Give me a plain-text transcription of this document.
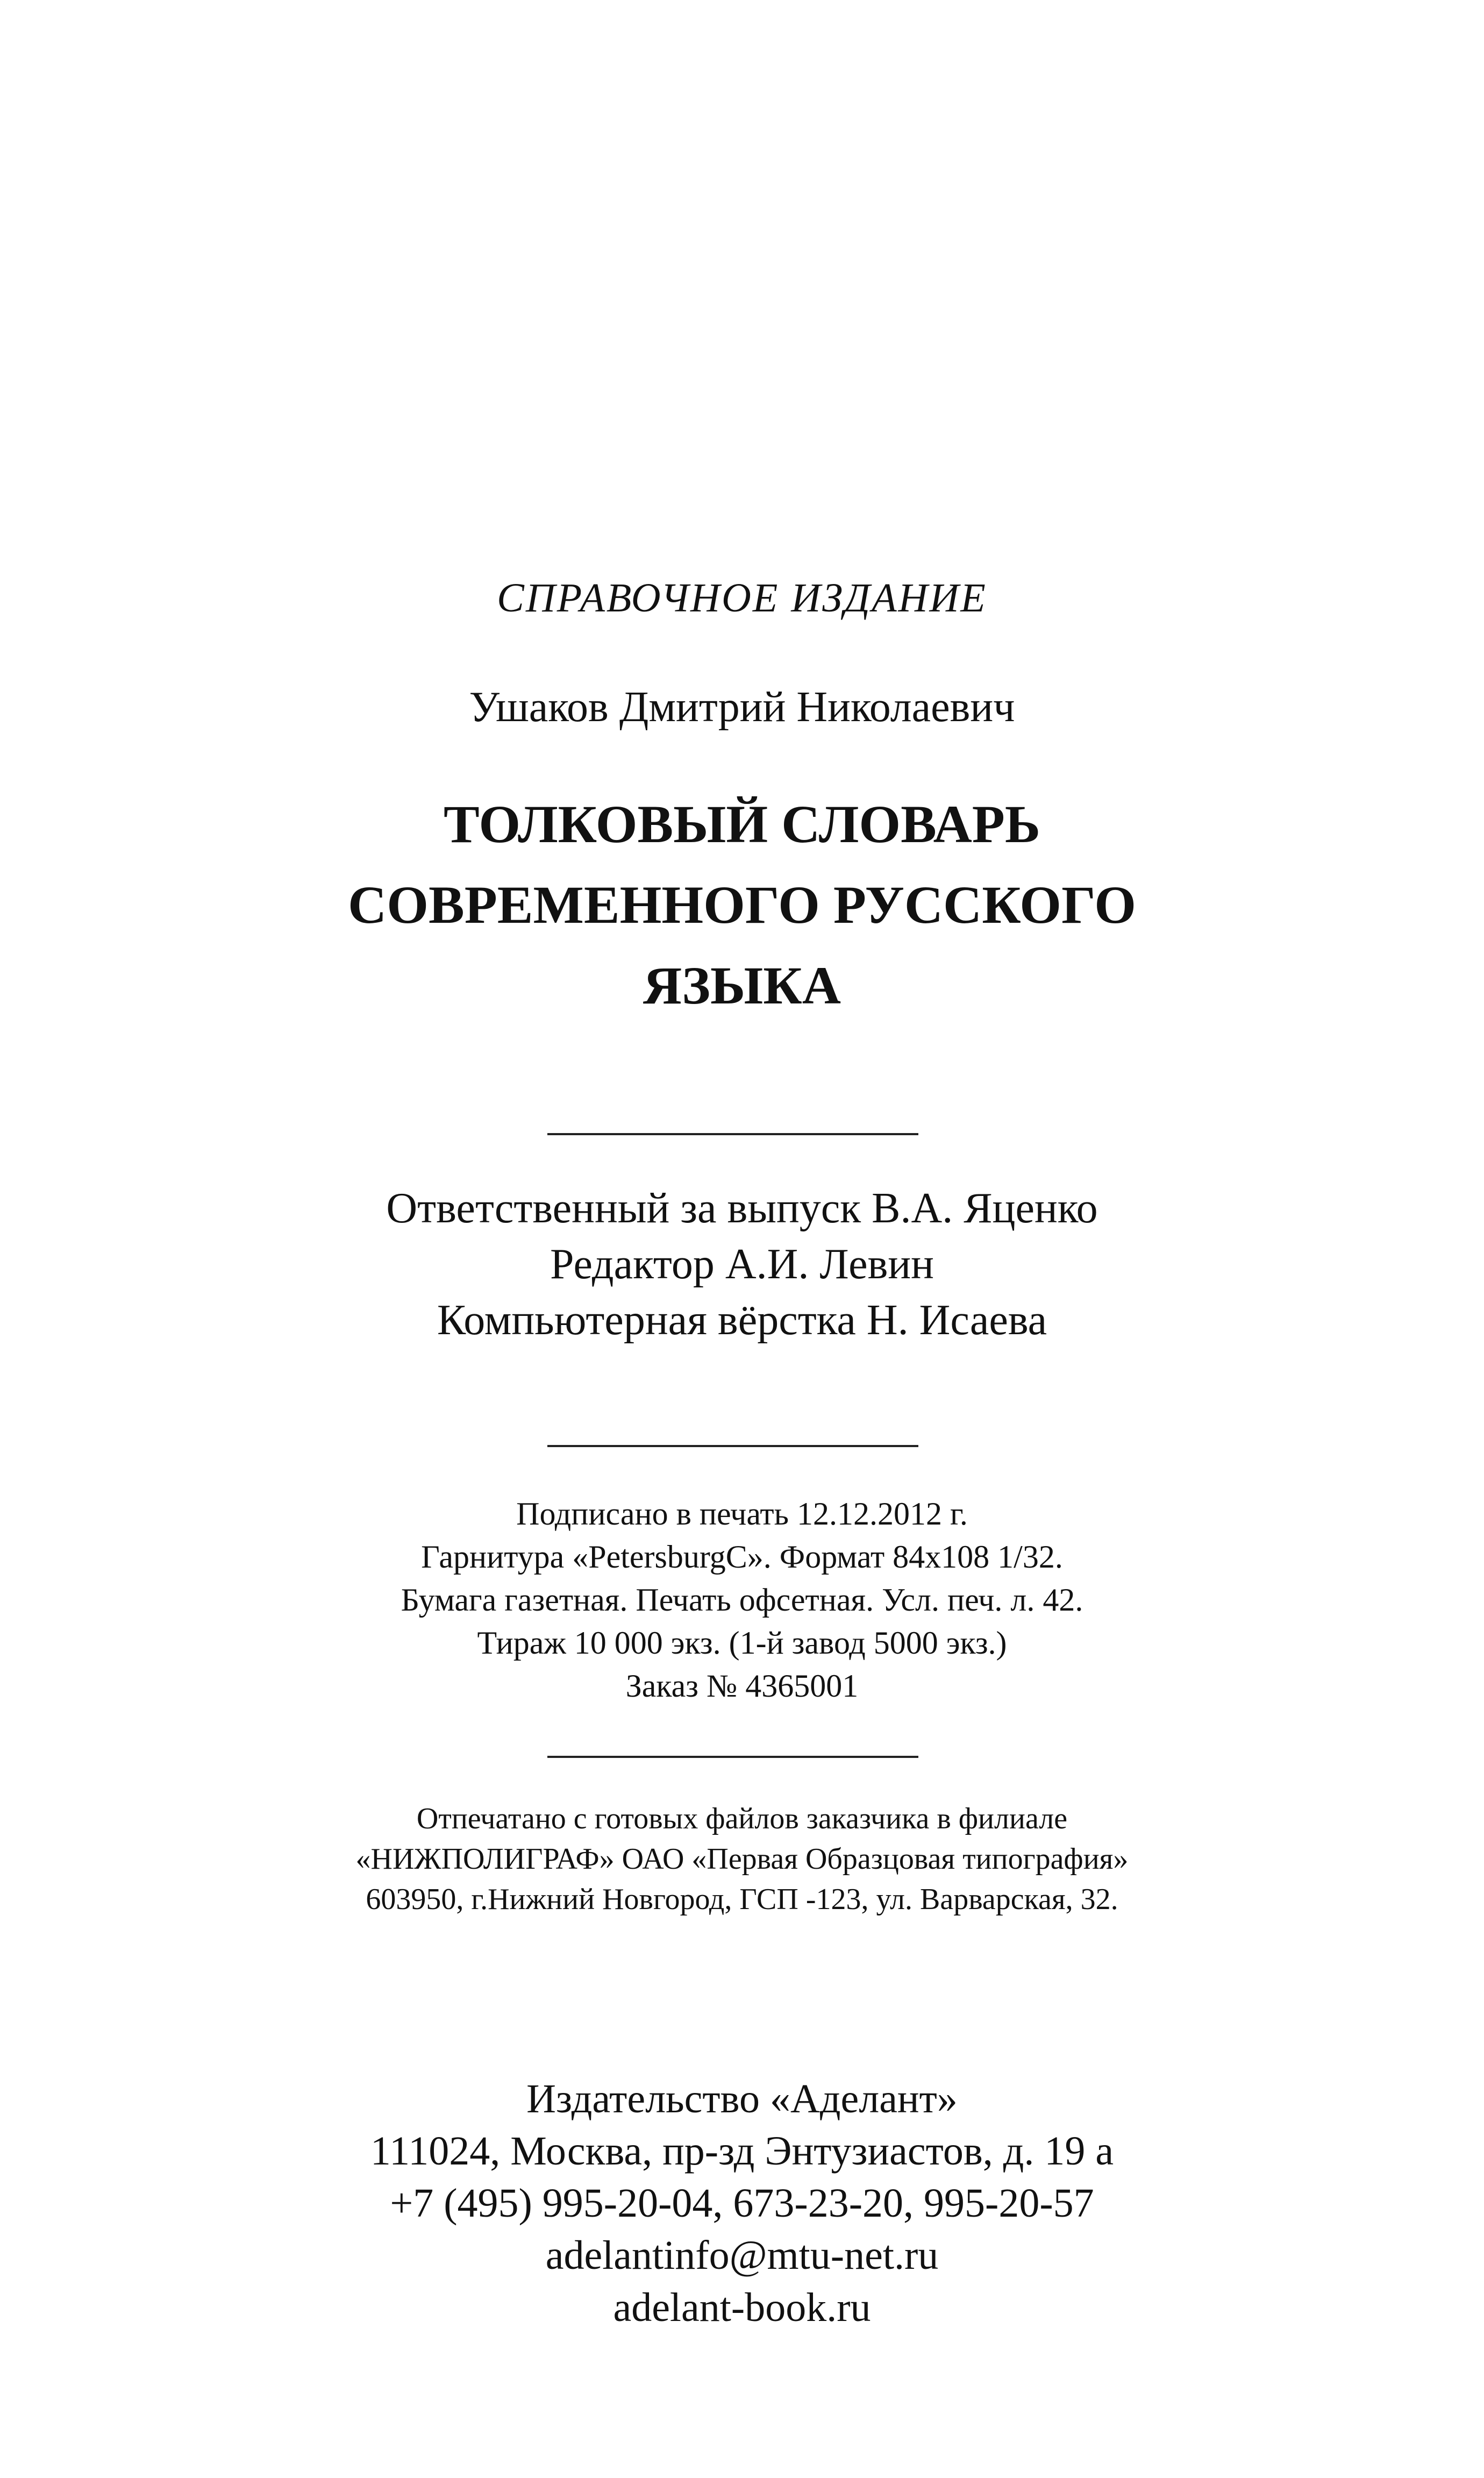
СПРАВОЧНОЕ ИЗДАНИЕ
Ушаков Дмитрий Николаевич
ТОЛКОВЫЙ СЛОВАРЬ
СОВРЕМЕННОГО РУССКОГО
ЯЗЫКА
Ответственный за выпуск В.А. Яценко
Редактор А.И. Левин
Компьютерная вёрстка Н. Исаева
Подписано в печать 12.12.2012 г.
Гарнитура «PetersburgC». Формат 84x108 1/32.
Бумага газетная. Печать офсетная. Усл. печ. л. 42.
Тираж 10 000 экз. (1-й завод 5000 экз.)
Заказ № 4365001
Отпечатано с готовых файлов заказчика в филиале
«НИЖПОЛИГРАФ» ОАО «Первая Образцовая типография»
603950, г.Нижний Новгород, ГСП -123, ул. Варварская, 32.
Издательство «Аделант»
111024, Москва, пр-зд Энтузиастов, д. 19 а
+7 (495) 995-20-04, 673-23-20, 995-20-57
adelantinfo@mtu-net.ru
adelant-book.ru
